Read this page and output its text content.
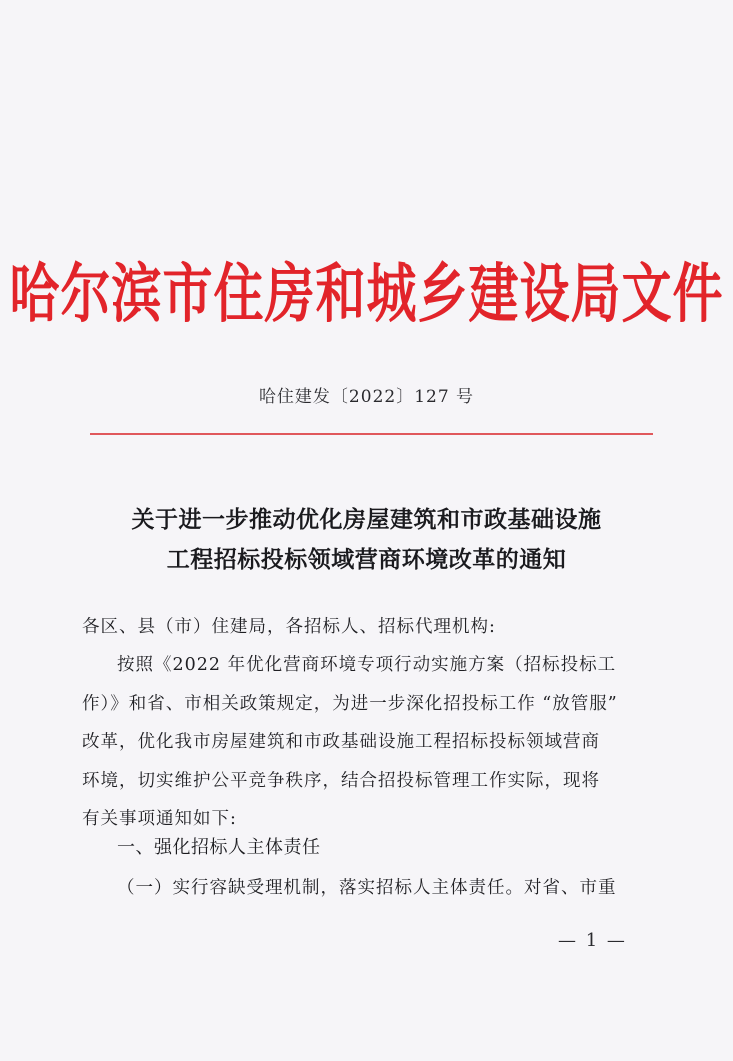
哈尔滨市住房和城乡建设局文件
哈住建发〔2022〕127 号
关于进一步推动优化房屋建筑和市政基础设施
工程招标投标领域营商环境改革的通知
各区、县（市）住建局，各招标人、招标代理机构:
按照《2022 年优化营商环境专项行动实施方案（招标投标工
作）》和省、市相关政策规定，为进一步深化招投标工作 “放管服”
改革，优化我市房屋建筑和市政基础设施工程招标投标领域营商
环境，切实维护公平竞争秩序，结合招投标管理工作实际，现将
有关事项通知如下:
一、强化招标人主体责任
（一）实行容缺受理机制，落实招标人主体责任。对省、市重
— 1 —
